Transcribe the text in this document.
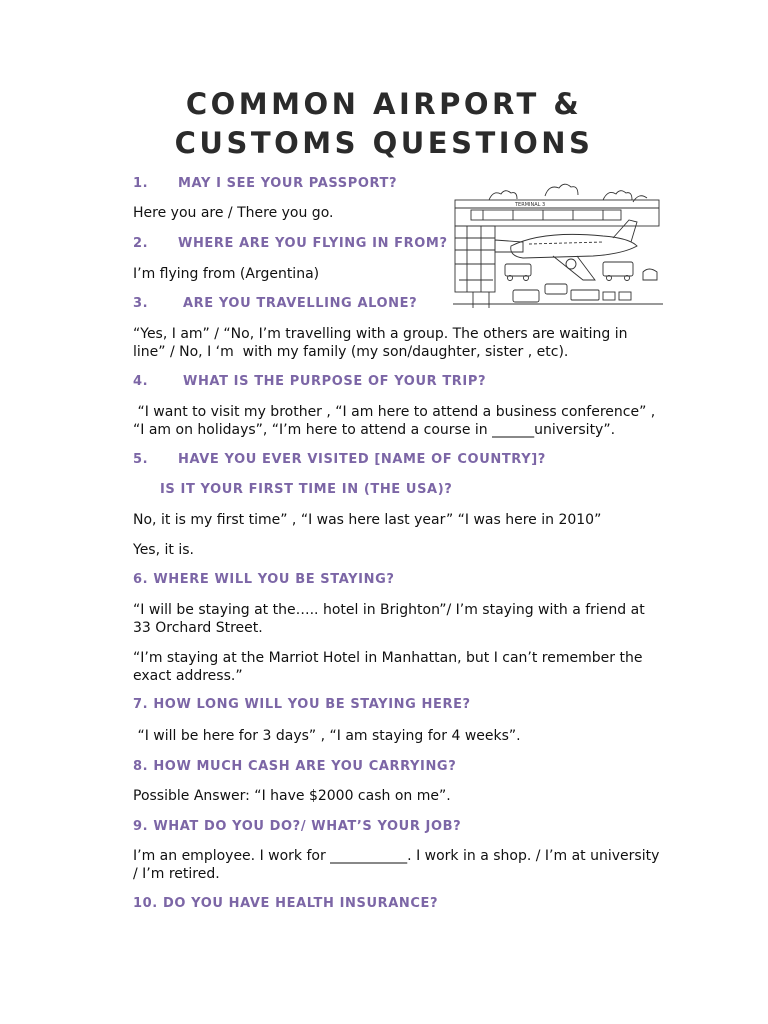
COMMON AIRPORT &
CUSTOMS QUESTIONS
TERMINAL 3

1. MAY I SEE YOUR PASSPORT?

Here you are / There you go.

2. WHERE ARE YOU FLYING IN FROM?

I’m flying from (Argentina)

3.	ARE YOU TRAVELLING ALONE?

“Yes, I am” / “No, I’m travelling with a group. The others are waiting in line” / No, I ‘m  with my family (my son/daughter, sister , etc).

4.	WHAT IS THE PURPOSE OF YOUR TRIP?

“I want to visit my brother , “I am here to attend a business conference” ,  “I am on holidays”, “I’m here to attend a course in ______university”.

5. HAVE YOU EVER VISITED [NAME OF COUNTRY]?

IS IT YOUR FIRST TIME IN (THE USA)?

No, it is my first time” , “I was here last year” “I was here in 2010”

Yes, it is.

6. WHERE WILL YOU BE STAYING?

“I will be staying at the….. hotel in Brighton”/ I’m staying with a friend at 33 Orchard Street.

“I’m staying at the Marriot Hotel in Manhattan, but I can’t remember the exact address.”

7. HOW LONG WILL YOU BE STAYING HERE?

“I will be here for 3 days” , “I am staying for 4 weeks”.

8. HOW MUCH CASH ARE YOU CARRYING?

Possible Answer: “I have $2000 cash on me”.

9. WHAT DO YOU DO?/ WHAT’S YOUR JOB?

I’m an employee. I work for ___________. I work in a shop. / I’m at university / I’m retired.

10. DO YOU HAVE HEALTH INSURANCE?
